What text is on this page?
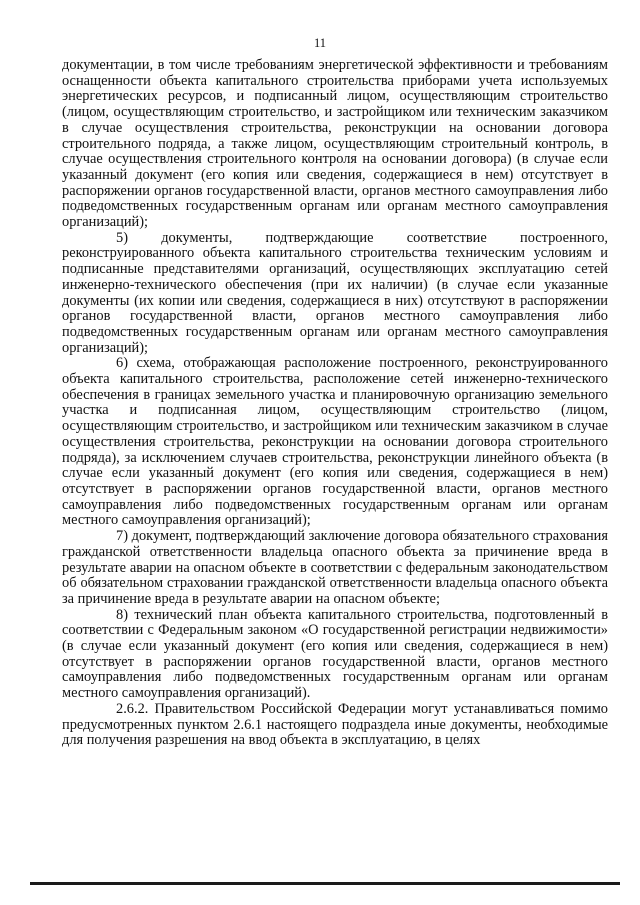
11

документации, в том числе требованиям энергетической эффективности и требованиям оснащенности объекта капитального строительства приборами учета используемых энергетических ресурсов, и подписанный лицом, осуществляющим строительство (лицом, осуществляющим строительство, и застройщиком или техническим заказчиком в случае осуществления строительства, реконструкции на основании договора строительного подряда, а также лицом, осуществляющим строительный контроль, в случае осуществления строительного контроля на основании договора) (в случае если указанный документ (его копия или сведения, содержащиеся в нем) отсутствует в распоряжении органов государственной власти, органов местного самоуправления либо подведомственных государственным органам или органам местного самоуправления организаций);

5) документы, подтверждающие соответствие построенного, реконструированного объекта капитального строительства техническим условиям и подписанные представителями организаций, осуществляющих эксплуатацию сетей инженерно-технического обеспечения (при их наличии) (в случае если указанные документы (их копии или сведения, содержащиеся в них) отсутствуют в распоряжении органов государственной власти, органов местного самоуправления либо подведомственных государственным органам или органам местного самоуправления организаций);

6) схема, отображающая расположение построенного, реконструированного объекта капитального строительства, расположение сетей инженерно-технического обеспечения в границах земельного участка и планировочную организацию земельного участка и подписанная лицом, осуществляющим строительство (лицом, осуществляющим строительство, и застройщиком или техническим заказчиком в случае осуществления строительства, реконструкции на основании договора строительного подряда), за исключением случаев строительства, реконструкции линейного объекта (в случае если указанный документ (его копия или сведения, содержащиеся в нем) отсутствует в распоряжении органов государственной власти, органов местного самоуправления либо подведомственных государственным органам или органам местного самоуправления организаций);

7) документ, подтверждающий заключение договора обязательного страхования гражданской ответственности владельца опасного объекта за причинение вреда в результате аварии на опасном объекте в соответствии с федеральным законодательством об обязательном страховании гражданской ответственности владельца опасного объекта за причинение вреда в результате аварии на опасном объекте;

8) технический план объекта капитального строительства, подготовленный в соответствии с Федеральным законом «О государственной регистрации недвижимости» (в случае если указанный документ (его копия или сведения, содержащиеся в нем) отсутствует в распоряжении органов государственной власти, органов местного самоуправления либо подведомственных государственным органам или органам местного самоуправления организаций).

2.6.2. Правительством Российской Федерации могут устанавливаться помимо предусмотренных пунктом 2.6.1 настоящего подраздела иные документы, необходимые для получения разрешения на ввод объекта в эксплуатацию, в целях
